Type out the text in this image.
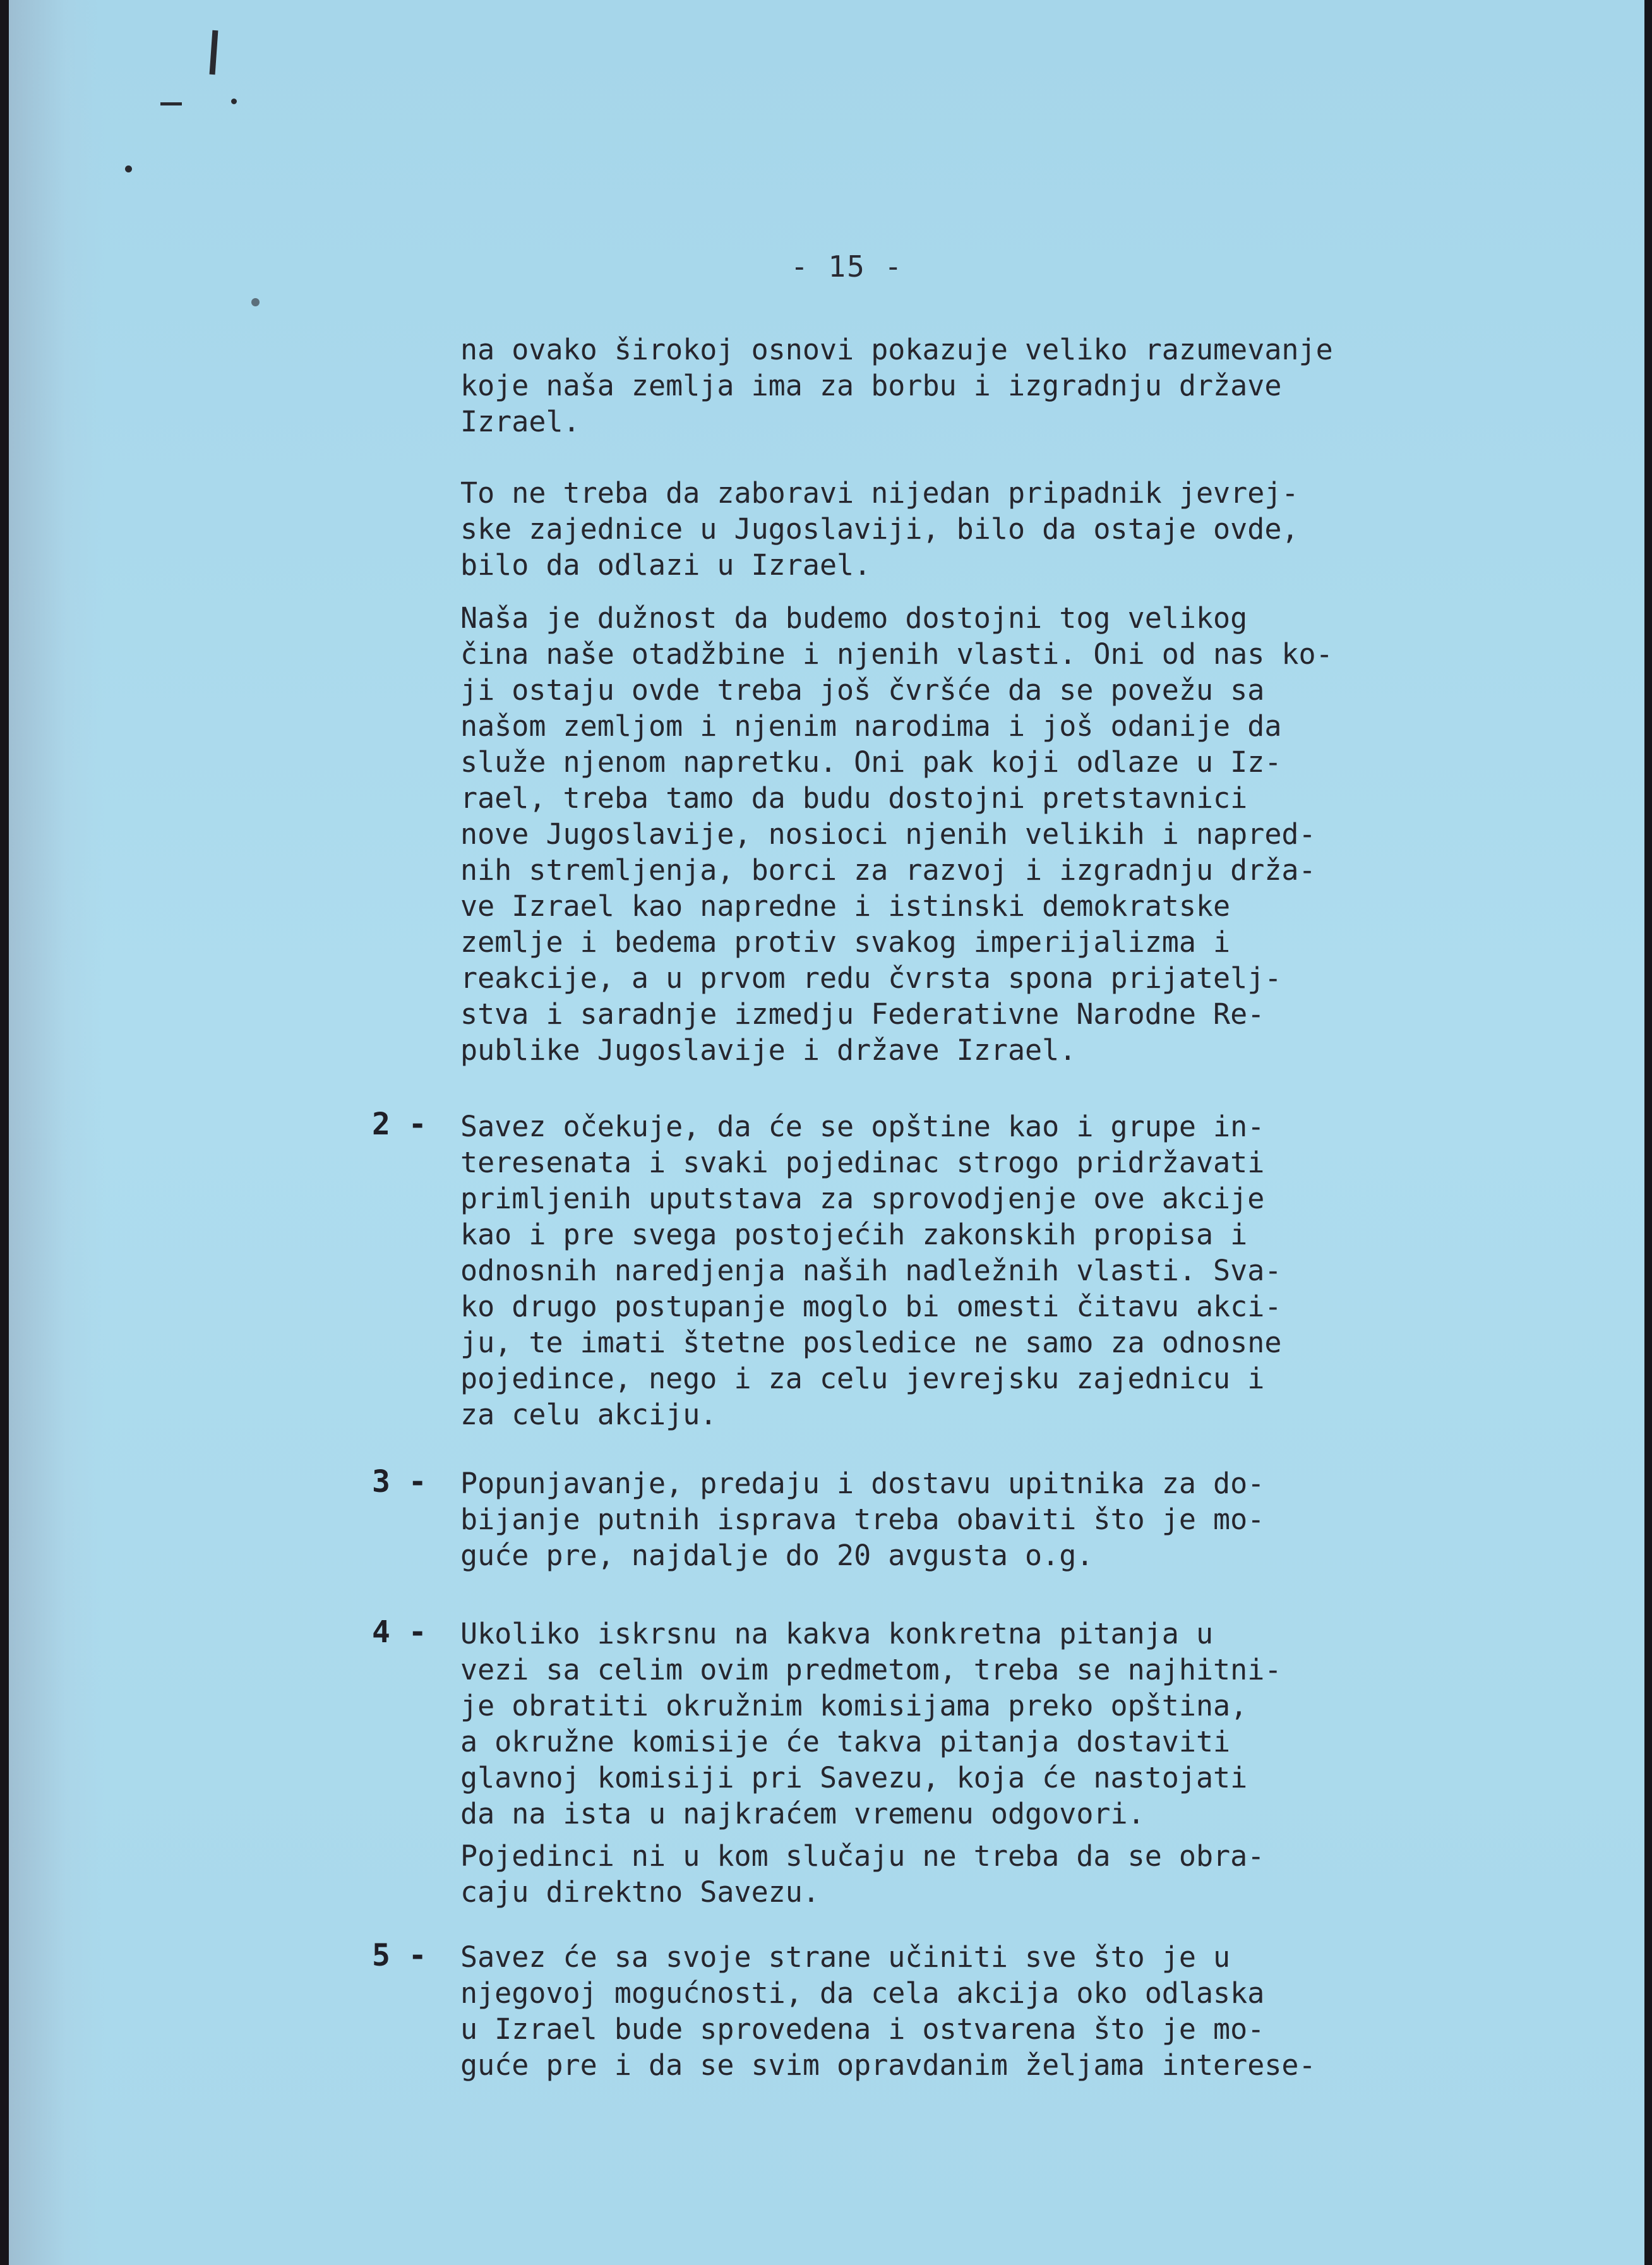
- 15 -

na ovako širokoj osnovi pokazuje veliko razumevanje
koje naša zemlja ima za borbu i izgradnju države
Izrael.

To ne treba da zaboravi nijedan pripadnik jevrej-
ske zajednice u Jugoslaviji, bilo da ostaje ovde,
bilo da odlazi u Izrael.

Naša je dužnost da budemo dostojni tog velikog
čina naše otadžbine i njenih vlasti. Oni od nas ko-
ji ostaju ovde treba još čvršće da se povežu sa
našom zemljom i njenim narodima i još odanije da
služе njenom napretku. Oni pak koji odlaze u Iz-
rael, treba tamo da budu dostojni pretstavnici
nove Jugoslavije, nosioci njenih velikih i napred-
nih stremljenja, borci za razvoj i izgradnju drža-
ve Izrael kao napredne i istinski demokratske
zemlje i bedema protiv svakog imperijalizma i
reakcije, a u prvom redu čvrsta spona prijatelj-
stva i saradnje izmedju Federativne Narodne Re-
publike Jugoslavije i države Izrael.

2 - Savez očekuje, da će se opštine kao i grupe in-
teresenata i svaki pojedinac strogo pridržavati
primljenih uputstava za sprovodjenje ove akcije
kao i pre svega postojećih zakonskih propisa i
odnosnih naredjenja naših nadležnih vlasti. Sva-
ko drugo postupanje moglo bi omesti čitavu akci-
ju, te imati štetne posledice ne samo za odnosne
pojedince, nego i za celu jevrejsku zajednicu i
za celu akciju.

3 - Popunjavanje, predaju i dostavu upitnika za do-
bijanje putnih isprava treba obaviti što je mo-
guće pre, najdalje do 20 avgusta o.g.

4 - Ukoliko iskrsnu na kakva konkretna pitanja u
vezi sa celim ovim predmetom, treba se najhitni-
je obratiti okružnim komisijama preko opština,
a okružne komisije će takva pitanja dostaviti
glavnoj komisiji pri Savezu, koja će nastojati
da na ista u najkraćem vremenu odgovori.

Pojedinci ni u kom slučaju ne treba da se obra-
caju direktno Savezu.

5 - Savez će sa svoje strane učiniti sve što je u
njegovoj mogućnosti, da cela akcija oko odlaska
u Izrael bude sprovedena i ostvarena što je mo-
guće pre i da se svim opravdanim željama interese-
